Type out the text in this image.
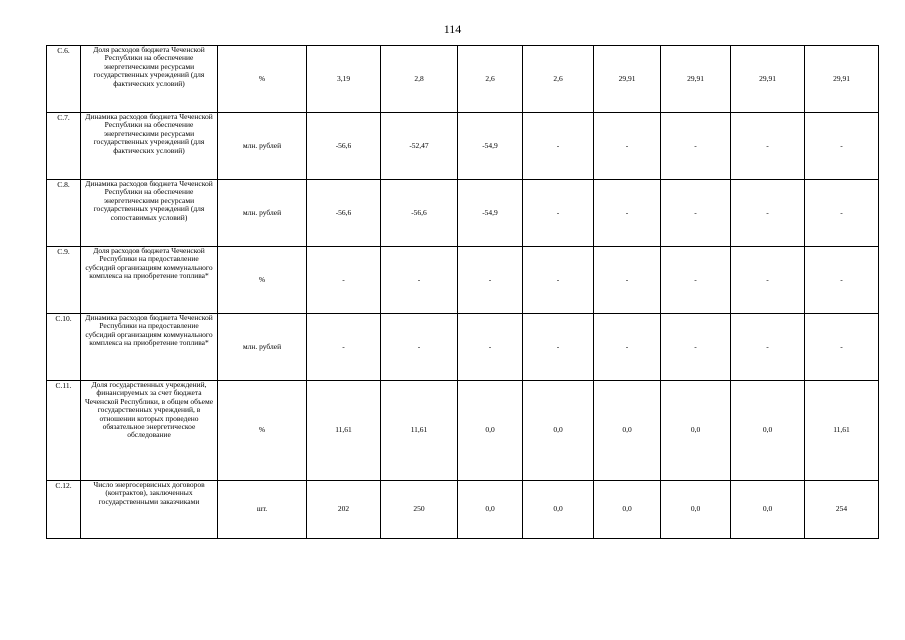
114
С.6.	Доля расходов бюджета Чеченской Республики на обеспечение энергетическими ресурсами государственных учреждений (для фактических условий)	%	3,19	2,8	2,6	2,6	29,91	29,91	29,91	29,91
С.7.	Динамика расходов бюджета Чеченской Республики на обеспечение энергетическими ресурсами государственных учреждений (для фактических условий)	млн. рублей	-56,6	-52,47	-54,9	-	-	-	-	-
С.8.	Динамика расходов бюджета Чеченской Республики на обеспечение энергетическими ресурсами государственных учреждений (для сопоставимых условий)	млн. рублей	-56,6	-56,6	-54,9	-	-	-	-	-
С.9.	Доля расходов бюджета Чеченской Республики на предоставление субсидий организациям коммунального комплекса на приобретение топлива*	%	-	-	-	-	-	-	-	-
С.10.	Динамика расходов бюджета Чеченской Республики на предоставление субсидий организациям коммунального комплекса на приобретение топлива*	млн. рублей	-	-	-	-	-	-	-	-
С.11.	Доля государственных учреждений, финансируемых за счет бюджета Чеченской Республики, в общем объеме государственных учреждений, в отношении которых проведено обязательное энергетическое обследование	%	11,61	11,61	0,0	0,0	0,0	0,0	0,0	11,61
С.12.	Число энергосервисных договоров (контрактов), заключенных государственными заказчиками	шт.	202	250	0,0	0,0	0,0	0,0	0,0	254
